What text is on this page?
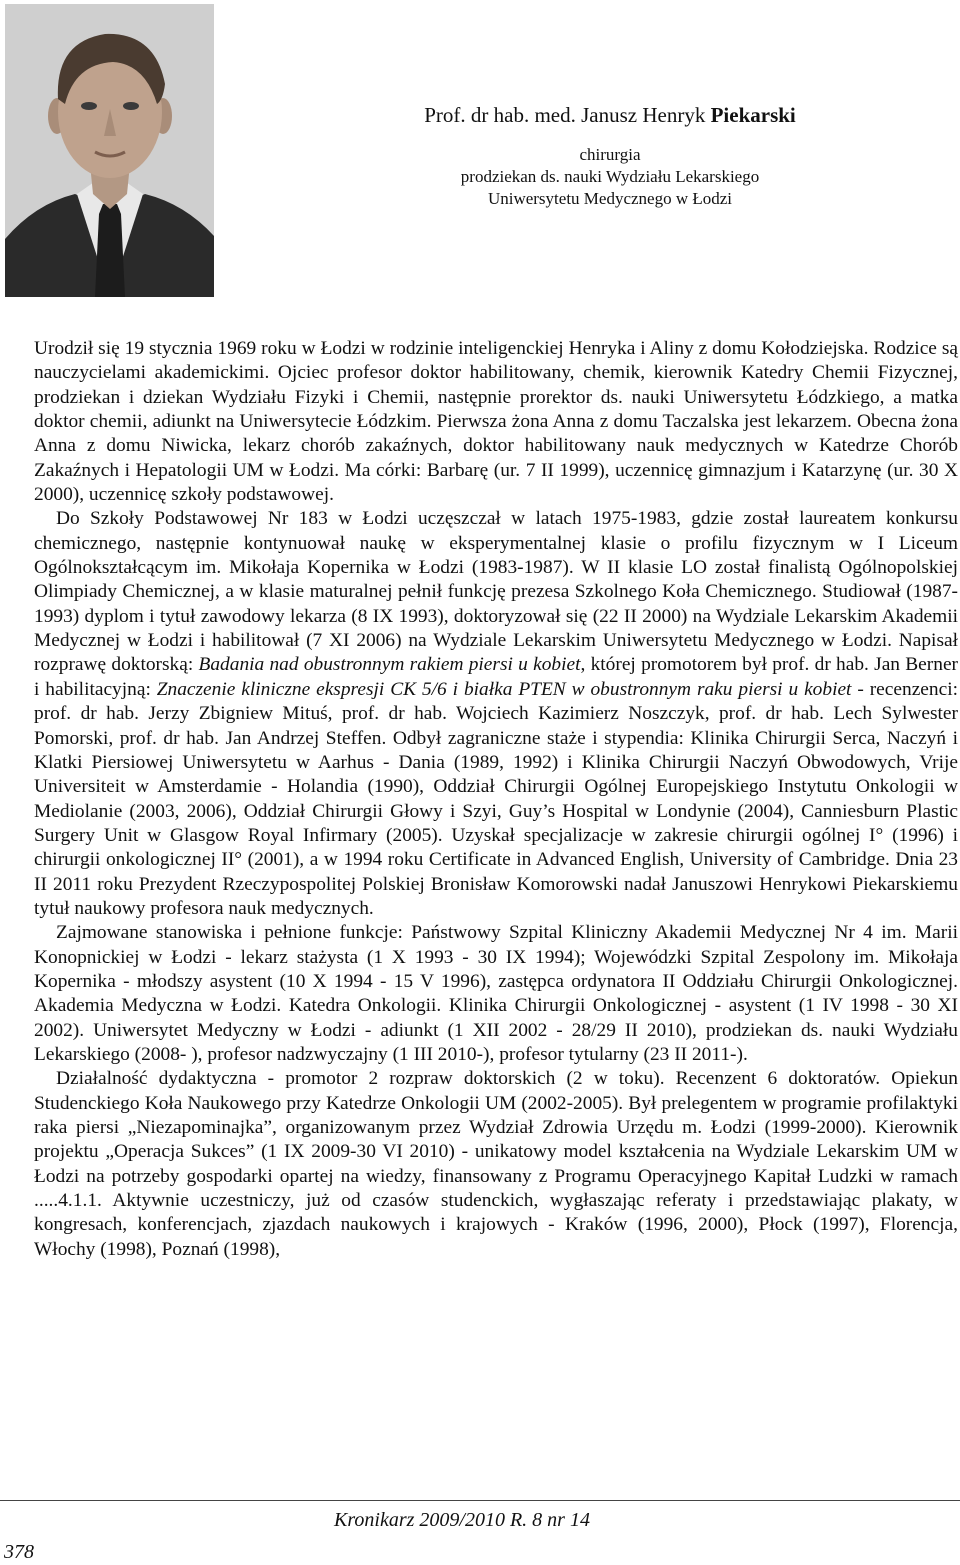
Prof. dr hab. med. Janusz Henryk Piekarski
chirurgia
prodziekan ds. nauki Wydziału Lekarskiego
Uniwersytetu Medycznego w Łodzi

Urodził się 19 stycznia 1969 roku w Łodzi w rodzinie inteligenckiej Henryka i Aliny z domu Kołodziejska. Rodzice są nauczycielami akademickimi. Ojciec profesor doktor habilitowany, chemik, kierownik Katedry Chemii Fizycznej, prodziekan i dziekan Wydziału Fizyki i Chemii, następnie prorektor ds. nauki Uniwersytetu Łódzkiego, a matka doktor chemii, adiunkt na Uniwersytecie Łódzkim. Pierwsza żona Anna z domu Taczalska jest lekarzem. Obecna żona Anna z domu Niwicka, lekarz chorób zakaźnych, doktor habilitowany nauk medycznych w Katedrze Chorób Zakaźnych i Hepatologii UM w Łodzi. Ma córki: Barbarę (ur. 7 II 1999), uczennicę gimnazjum i Katarzynę (ur. 30 X 2000), uczennicę szkoły podstawowej.

Do Szkoły Podstawowej Nr 183 w Łodzi uczęszczał w latach 1975-1983, gdzie został laureatem konkursu chemicznego, następnie kontynuował naukę w eksperymentalnej klasie o profilu fizycznym w I Liceum Ogólnokształcącym im. Mikołaja Kopernika w Łodzi (1983-1987). W II klasie LO został finalistą Ogólnopolskiej Olimpiady Chemicznej, a w klasie maturalnej pełnił funkcję prezesa Szkolnego Koła Chemicznego. Studiował (1987-1993) dyplom i tytuł zawodowy lekarza (8 IX 1993), doktoryzował się (22 II 2000) na Wydziale Lekarskim Akademii Medycznej w Łodzi i habilitował (7 XI 2006) na Wydziale Lekarskim Uniwersytetu Medycznego w Łodzi. Napisał rozprawę doktorską: Badania nad obustronnym rakiem piersi u kobiet, której promotorem był prof. dr hab. Jan Berner i habilitacyjną: Znaczenie kliniczne ekspresji CK 5/6 i białka PTEN w obustronnym raku piersi u kobiet - recenzenci: prof. dr hab. Jerzy Zbigniew Mituś, prof. dr hab. Wojciech Kazimierz Noszczyk, prof. dr hab. Lech Sylwester Pomorski, prof. dr hab. Jan Andrzej Steffen. Odbył zagraniczne staże i stypendia: Klinika Chirurgii Serca, Naczyń i Klatki Piersiowej Uniwersytetu w Aarhus - Dania (1989, 1992) i Klinika Chirurgii Naczyń Obwodowych, Vrije Universiteit w Amsterdamie - Holandia (1990), Oddział Chirurgii Ogólnej Europejskiego Instytutu Onkologii w Mediolanie (2003, 2006), Oddział Chirurgii Głowy i Szyi, Guy’s Hospital w Londynie (2004), Canniesburn Plastic Surgery Unit w Glasgow Royal Infirmary (2005). Uzyskał specjalizacje w zakresie chirurgii ogólnej I° (1996) i chirurgii onkologicznej II° (2001), a w 1994 roku Certificate in Advanced English, University of Cambridge. Dnia 23 II 2011 roku Prezydent Rzeczypospolitej Polskiej Bronisław Komorowski nadał Januszowi Henrykowi Piekarskiemu tytuł naukowy profesora nauk medycznych.

Zajmowane stanowiska i pełnione funkcje: Państwowy Szpital Kliniczny Akademii Medycznej Nr 4 im. Marii Konopnickiej w Łodzi - lekarz stażysta (1 X 1993 - 30 IX 1994); Wojewódzki Szpital Zespolony im. Mikołaja Kopernika - młodszy asystent (10 X 1994 - 15 V 1996), zastępca ordynatora II Oddziału Chirurgii Onkologicznej. Akademia Medyczna w Łodzi. Katedra Onkologii. Klinika Chirurgii Onkologicznej - asystent (1 IV 1998 - 30 XI 2002). Uniwersytet Medyczny w Łodzi - adiunkt (1 XII 2002 - 28/29 II 2010), prodziekan ds. nauki Wydziału Lekarskiego (2008- ), profesor nadzwyczajny (1 III 2010-), profesor tytularny (23 II 2011-).

Działalność dydaktyczna - promotor 2 rozpraw doktorskich (2 w toku). Recenzent 6 doktoratów. Opiekun Studenckiego Koła Naukowego przy Katedrze Onkologii UM (2002-2005). Był prelegentem w programie profilaktyki raka piersi „Niezapominajka”, organizowanym przez Wydział Zdrowia Urzędu m. Łodzi (1999-2000). Kierownik projektu „Operacja Sukces” (1 IX 2009-30 VI 2010) - unikatowy model kształcenia na Wydziale Lekarskim UM w Łodzi na potrzeby gospodarki opartej na wiedzy, finansowany z Programu Operacyjnego Kapitał Ludzki w ramach .....4.1.1. Aktywnie uczestniczy, już od czasów studenckich, wygłaszając referaty i przedstawiając plakaty, w kongresach, konferencjach, zjazdach naukowych i krajowych - Kraków (1996, 2000), Płock (1997), Florencja, Włochy (1998), Poznań (1998),

Kronikarz 2009/2010 R. 8 nr 14
378
